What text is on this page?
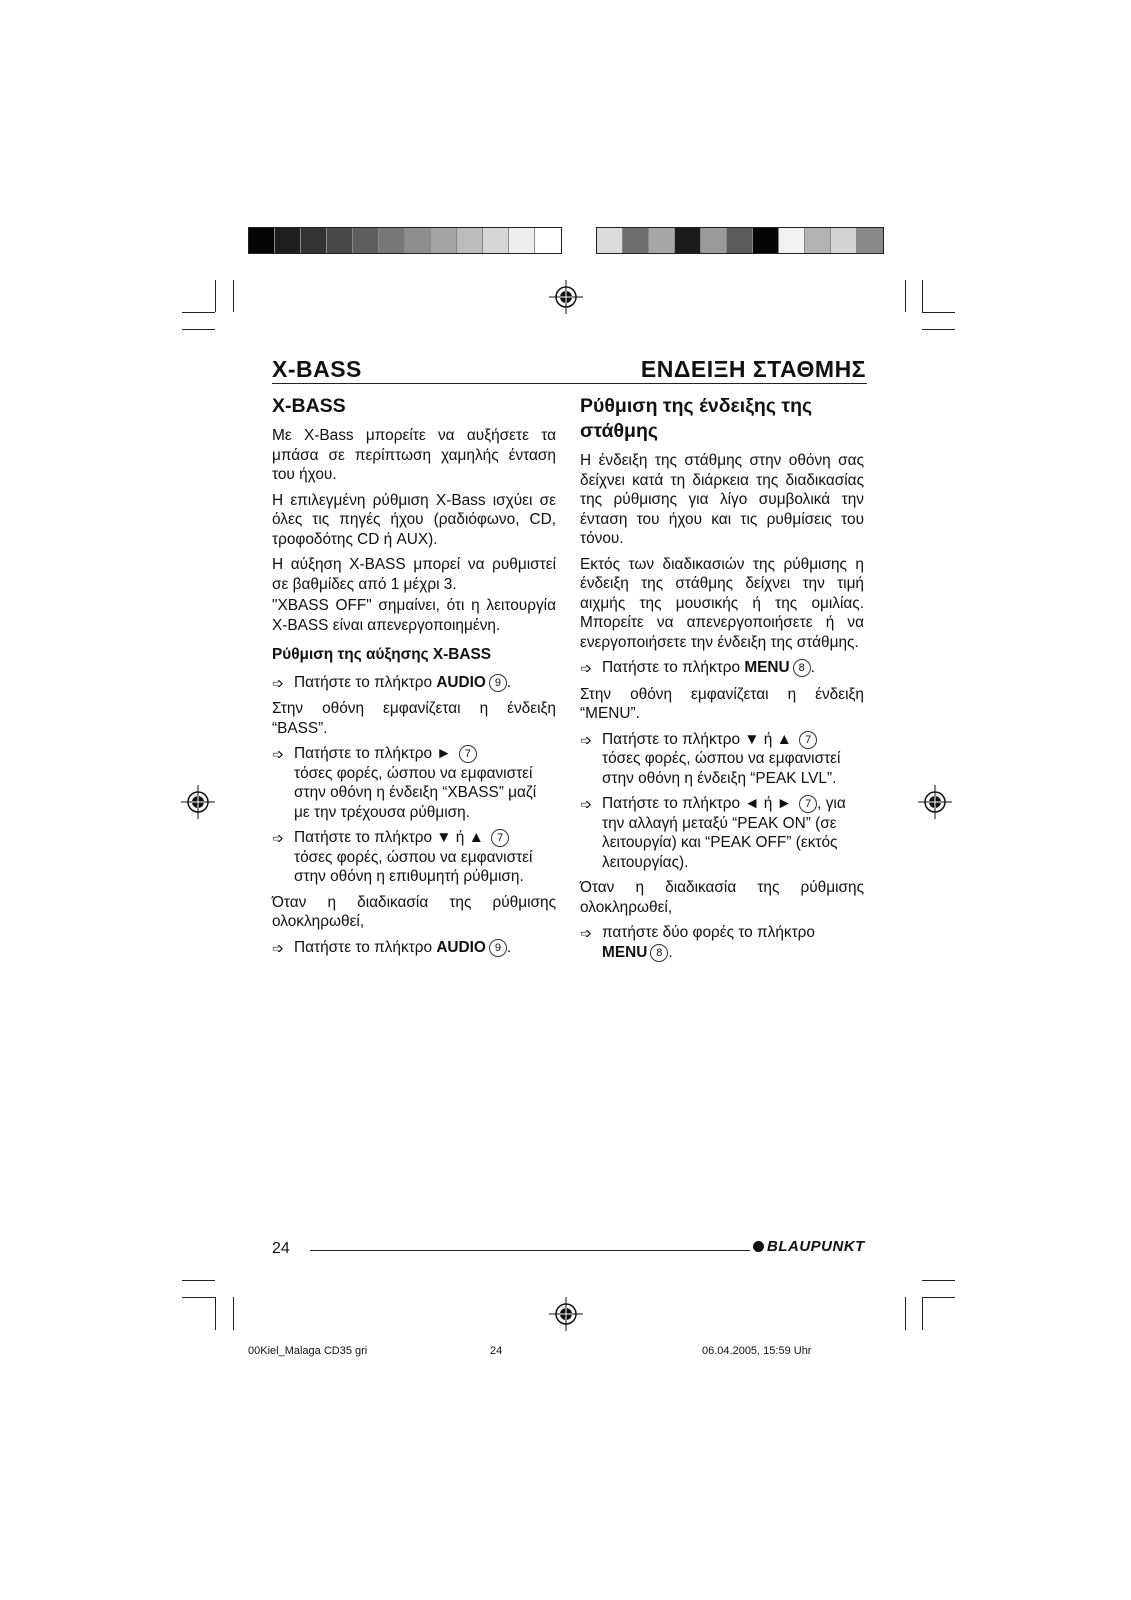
X-BASS	ΕΝΔΕΙΞΗ ΣΤΑΘΜΗΣ
X-BASS

Με X-Bass μπορείτε να αυξήσετε τα μπάσα σε περίπτωση χαμηλής ένταση του ήχου.

Η επιλεγμένη ρύθμιση X-Bass ισχύει σε όλες τις πηγές ήχου (ραδιόφωνο, CD, τροφοδότης CD ή AUX).

Η αύξηση X-BASS μπορεί να ρυθμιστεί σε βαθμίδες από 1 μέχρι 3.

"XBASS OFF" σημαίνει, ότι η λειτουργία X-BASS είναι απενεργοποιημένη.

Ρύθμιση της αύξησης X-BASS
➩ Πατήστε το πλήκτρο AUDIO 9 .

Στην οθόνη εμφανίζεται η ένδειξη “BASS”.

➩ Πατήστε το πλήκτρο ► 7
τόσες φορές, ώσπου να εμφανιστεί στην οθόνη η ένδειξη “XBASS” μαζί με την τρέχουσα ρύθμιση.
➩ Πατήστε το πλήκτρο ▼ ή ▲ 7
τόσες φορές, ώσπου να εμφανιστεί στην οθόνη η επιθυμητή ρύθμιση.

Όταν η διαδικασία της ρύθμισης ολοκληρωθεί,

➩ Πατήστε το πλήκτρο AUDIO 9 .
Ρύθμιση της ένδειξης της στάθμης

Η ένδειξη της στάθμης στην οθόνη σας δείχνει κατά τη διάρκεια της διαδικασίας της ρύθμισης για λίγο συμβολικά την ένταση του ήχου και τις ρυθμίσεις του τόνου.

Εκτός των διαδικασιών της ρύθμισης η ένδειξη της στάθμης δείχνει την τιμή αιχμής της μουσικής ή της ομιλίας. Μπορείτε να απενεργοποιήσετε ή να ενεργοποιήσετε την ένδειξη της στάθμης.

➩ Πατήστε το πλήκτρο MENU 8 .

Στην οθόνη εμφανίζεται η ένδειξη “MENU”.

➩ Πατήστε το πλήκτρο ▼ ή ▲ 7
τόσες φορές, ώσπου να εμφανιστεί στην οθόνη η ένδειξη “PEAK LVL”.
➩ Πατήστε το πλήκτρο ◄ ή ► 7 , για την αλλαγή μεταξύ “PEAK ON” (σε λειτουργία) και “PEAK OFF” (εκτός λειτουργίας).

Όταν η διαδικασία της ρύθμισης ολοκληρωθεί,

➩ πατήστε δύο φορές το πλήκτρο
MENU 8 .
24	BLAUPUNKT
00Kiel_Malaga CD35 gri	24	06.04.2005, 15:59 Uhr
